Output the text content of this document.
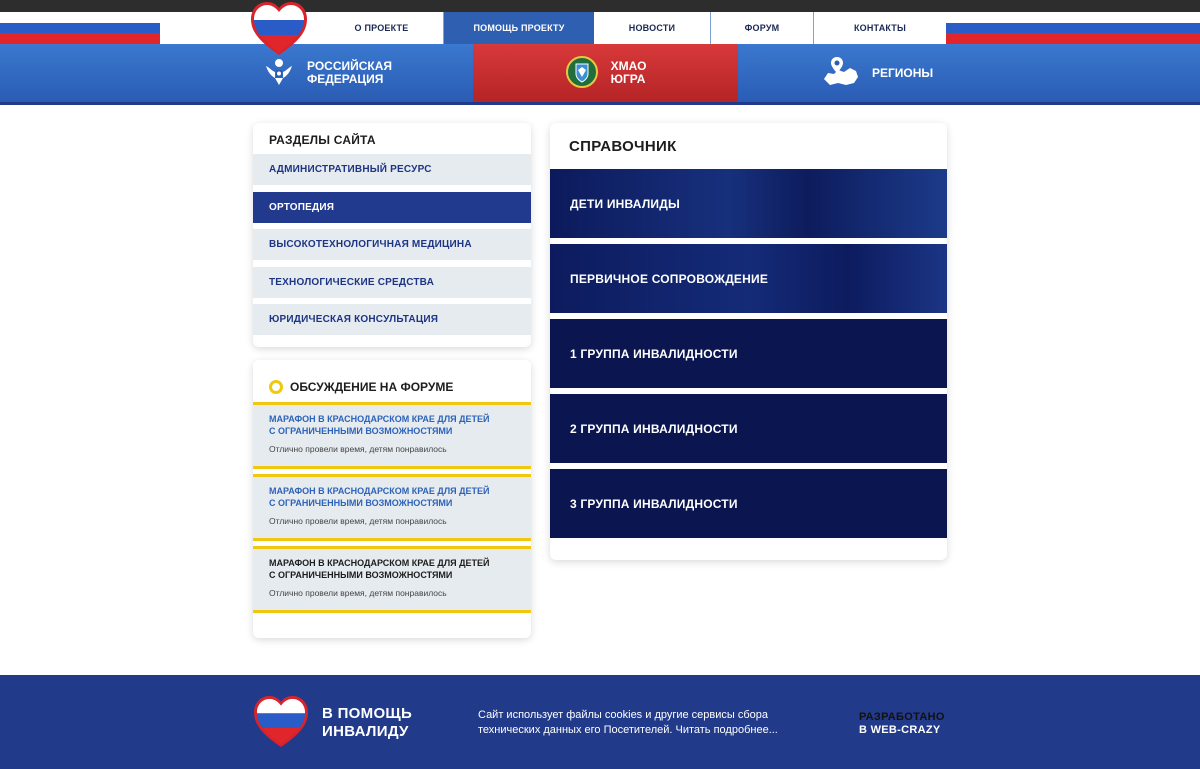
О ПРОЕКТЕ	ПОМОЩЬ ПРОЕКТУ	НОВОСТИ	ФОРУМ	КОНТАКТЫ
РОССИЙСКАЯ
ФЕДЕРАЦИЯ
ХМАО
ЮГРА	РЕГИОНЫ
РАЗДЕЛЫ САЙТА
АДМИНИСТРАТИВНЫЙ РЕСУРС
ОРТОПЕДИЯ
ВЫСОКОТЕХНОЛОГИЧНАЯ МЕДИЦИНА
ТЕХНОЛОГИЧЕСКИЕ СРЕДСТВА
ЮРИДИЧЕСКАЯ КОНСУЛЬТАЦИЯ
ОБСУЖДЕНИЕ НА ФОРУМЕ
МАРАФОН В КРАСНОДАРСКОМ КРАЕ ДЛЯ ДЕТЕЙ
С ОГРАНИЧЕННЫМИ ВОЗМОЖНОСТЯМИ
Отлично провели время, детям понравилось
МАРАФОН В КРАСНОДАРСКОМ КРАЕ ДЛЯ ДЕТЕЙ
С ОГРАНИЧЕННЫМИ ВОЗМОЖНОСТЯМИ
Отлично провели время, детям понравилось
МАРАФОН В КРАСНОДАРСКОМ КРАЕ ДЛЯ ДЕТЕЙ
С ОГРАНИЧЕННЫМИ ВОЗМОЖНОСТЯМИ
Отлично провели время, детям понравилось
СПРАВОЧНИК
ДЕТИ ИНВАЛИДЫ
ПЕРВИЧНОЕ СОПРОВОЖДЕНИЕ
1 ГРУППА ИНВАЛИДНОСТИ
2 ГРУППА ИНВАЛИДНОСТИ
3 ГРУППА ИНВАЛИДНОСТИ
В ПОМОЩЬ
ИНВАЛИДУ
Сайт использует файлы cookies и другие сервисы сбора
технических данных его Посетителей. Читать подробнее...
РАЗРАБОТАНО
В WEB-CRAZY
